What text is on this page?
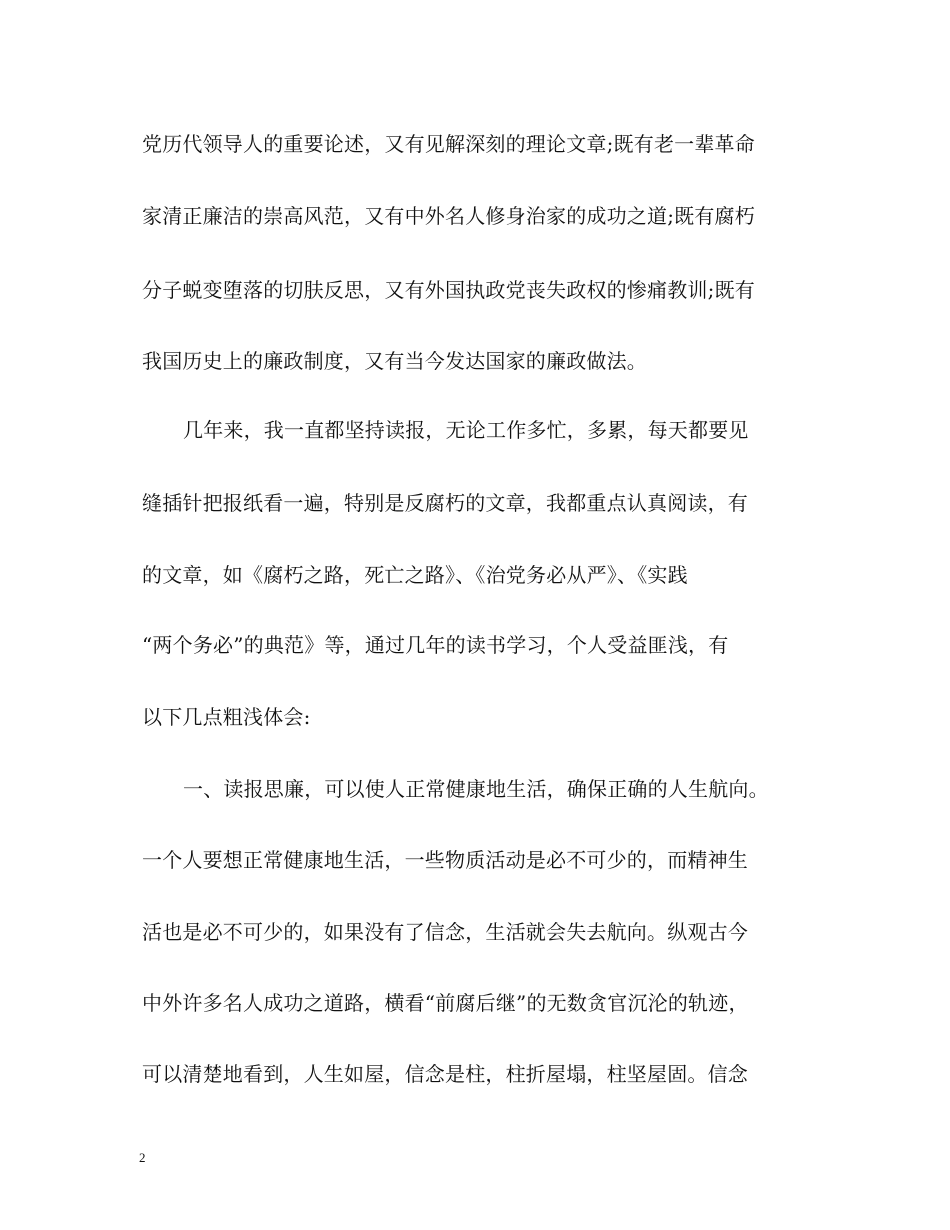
党历代领导人的重要论述，又有见解深刻的理论文章;既有老一辈革命
家清正廉洁的崇高风范，又有中外名人修身治家的成功之道;既有腐朽
分子蜕变堕落的切肤反思，又有外国执政党丧失政权的惨痛教训;既有
我国历史上的廉政制度，又有当今发达国家的廉政做法。
几年来，我一直都坚持读报，无论工作多忙，多累，每天都要见
缝插针把报纸看一遍，特别是反腐朽的文章，我都重点认真阅读，有
的文章，如《腐朽之路，死亡之路》、《治党务必从严》、《实践
“两个务必”的典范》等，通过几年的读书学习，个人受益匪浅，有
以下几点粗浅体会:
一、读报思廉，可以使人正常健康地生活，确保正确的人生航向。
一个人要想正常健康地生活，一些物质活动是必不可少的，而精神生
活也是必不可少的，如果没有了信念，生活就会失去航向。纵观古今
中外许多名人成功之道路，横看“前腐后继”的无数贪官沉沦的轨迹，
可以清楚地看到，人生如屋，信念是柱，柱折屋塌，柱坚屋固。信念
2
